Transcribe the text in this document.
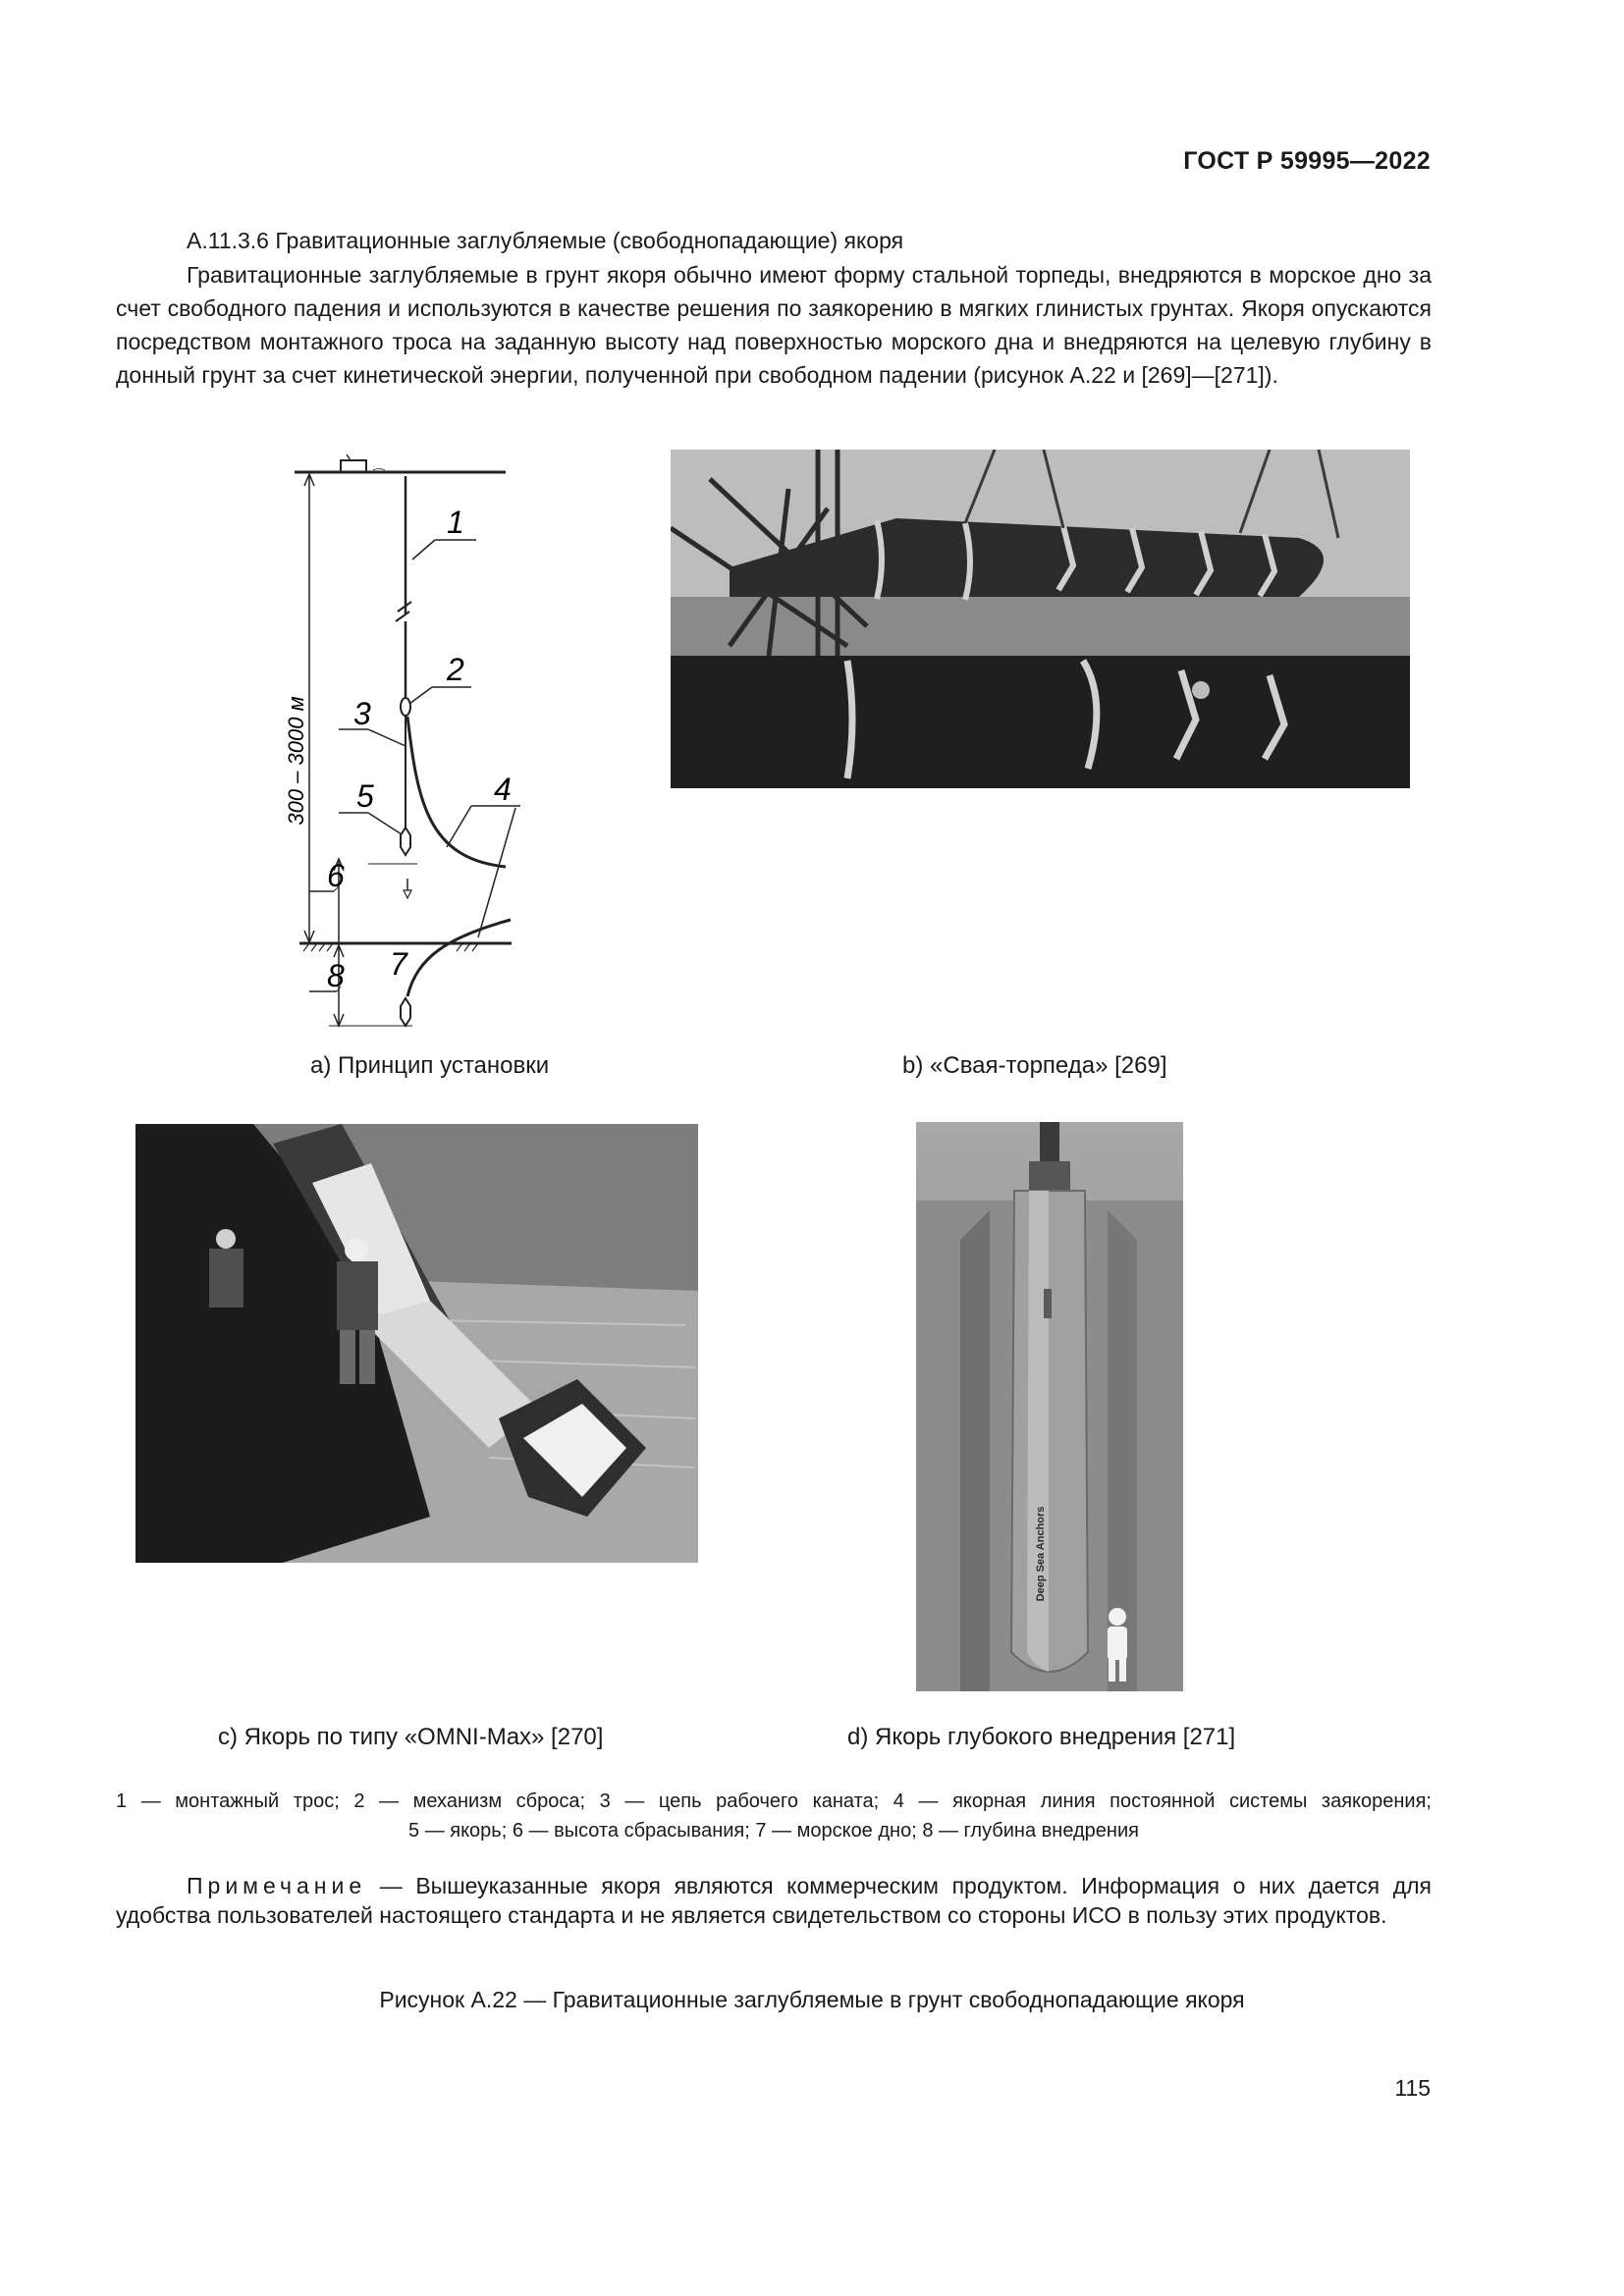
ГОСТ Р 59995—2022
А.11.3.6 Гравитационные заглубляемые (свободнопадающие) якоря

Гравитационные заглубляемые в грунт якоря обычно имеют форму стальной торпеды, внедряются в морское дно за счет свободного падения и используются в качестве решения по заякорению в мягких глинистых грунтах. Якоря опускаются посредством монтажного троса на заданную высоту над поверхностью морского дна и внедряются на целевую глубину в донный грунт за счет кинетической энергии, полученной при свободном падении (рисунок А.22 и [269]—[271]).

300 – 3000 м
1
2
3
4
5
6
7
8
Deep Sea Anchors
а) Принцип установки	b) «Свая-торпеда» [269]
с) Якорь по типу «OMNI-Max» [270]	d) Якорь глубокого внедрения [271]
1 — монтажный трос; 2 — механизм сброса; 3 — цепь рабочего каната; 4 — якорная линия постоянной системы заякорения;
5 — якорь; 6 — высота сбрасывания; 7 — морское дно; 8 — глубина внедрения
Примечание — Вышеуказанные якоря являются коммерческим продуктом. Информация о них дается для удобства пользователей настоящего стандарта и не является свидетельством со стороны ИСО в пользу этих продуктов.
Рисунок А.22 — Гравитационные заглубляемые в грунт свободнопадающие якоря
115
